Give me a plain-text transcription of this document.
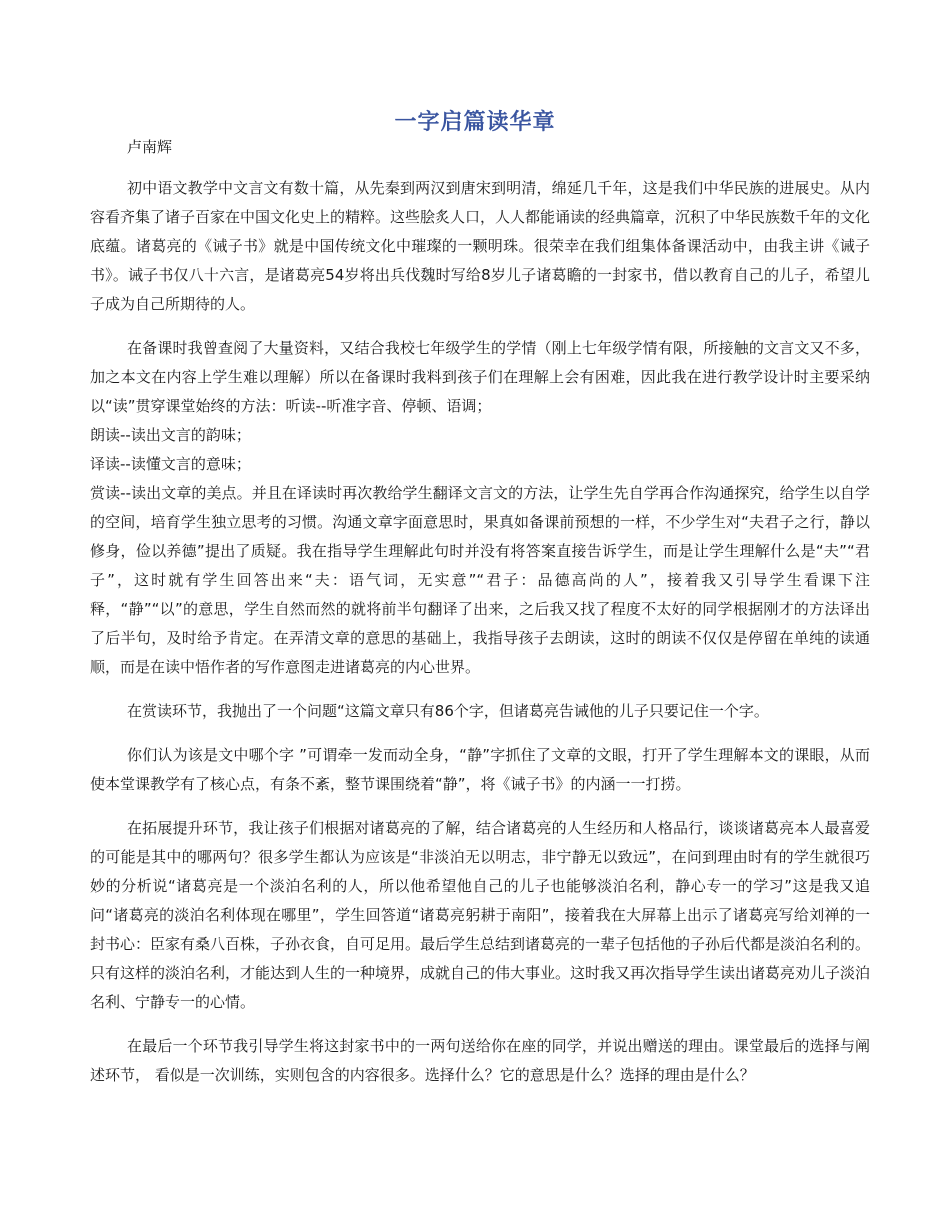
一字启篇读华章
卢南辉

初中语文教学中文言文有数十篇，从先秦到两汉到唐宋到明清，绵延几千年，这是我们中华民族的进展史。从内容看齐集了诸子百家在中国文化史上的精粹。这些脍炙人口，人人都能诵读的经典篇章，沉积了中华民族数千年的文化底蕴。诸葛亮的《诫子书》就是中国传统文化中璀璨的一颗明珠。很荣幸在我们组集体备课活动中，由我主讲《诫子书》。诫子书仅八十六言，是诸葛亮54岁将出兵伐魏时写给8岁儿子诸葛瞻的一封家书，借以教育自己的儿子，希望儿子成为自己所期待的人。

在备课时我曾查阅了大量资料，又结合我校七年级学生的学情（刚上七年级学情有限，所接触的文言文又不多，加之本文在内容上学生难以理解）所以在备课时我料到孩子们在理解上会有困难，因此我在进行教学设计时主要采纳以“读”贯穿课堂始终的方法：听读--听准字音、停顿、语调；

朗读--读出文言的韵味；

译读--读懂文言的意味；

赏读--读出文章的美点。并且在译读时再次教给学生翻译文言文的方法，让学生先自学再合作沟通探究，给学生以自学的空间，培育学生独立思考的习惯。沟通文章字面意思时，果真如备课前预想的一样，不少学生对“夫君子之行，静以修身，俭以养德”提出了质疑。我在指导学生理解此句时并没有将答案直接告诉学生，而是让学生理解什么是“夫”“君子”，这时就有学生回答出来“夫：语气词，无实意”“君子：品德高尚的人”，接着我又引导学生看课下注释，“静”“以”的意思，学生自然而然的就将前半句翻译了出来，之后我又找了程度不太好的同学根据刚才的方法译出了后半句，及时给予肯定。在弄清文章的意思的基础上，我指导孩子去朗读，这时的朗读不仅仅是停留在单纯的读通顺，而是在读中悟作者的写作意图走进诸葛亮的内心世界。

在赏读环节，我抛出了一个问题“这篇文章只有86个字，但诸葛亮告诫他的儿子只要记住一个字。

你们认为该是文中哪个字 ”可谓牵一发而动全身，“静”字抓住了文章的文眼，打开了学生理解本文的课眼，从而使本堂课教学有了核心点，有条不紊，整节课围绕着“静”，将《诫子书》的内涵一一打捞。

在拓展提升环节，我让孩子们根据对诸葛亮的了解，结合诸葛亮的人生经历和人格品行，谈谈诸葛亮本人最喜爱的可能是其中的哪两句？很多学生都认为应该是“非淡泊无以明志，非宁静无以致远”，在问到理由时有的学生就很巧妙的分析说“诸葛亮是一个淡泊名利的人，所以他希望他自己的儿子也能够淡泊名利，静心专一的学习”这是我又追问“诸葛亮的淡泊名利体现在哪里”，学生回答道“诸葛亮躬耕于南阳”，接着我在大屏幕上出示了诸葛亮写给刘禅的一封书心：臣家有桑八百株，子孙衣食，自可足用。最后学生总结到诸葛亮的一辈子包括他的子孙后代都是淡泊名利的。只有这样的淡泊名利，才能达到人生的一种境界，成就自己的伟大事业。这时我又再次指导学生读出诸葛亮劝儿子淡泊名利、宁静专一的心情。

在最后一个环节我引导学生将这封家书中的一两句送给你在座的同学，并说出赠送的理由。课堂最后的选择与阐述环节， 看似是一次训练，实则包含的内容很多。选择什么？它的意思是什么？选择的理由是什么？
